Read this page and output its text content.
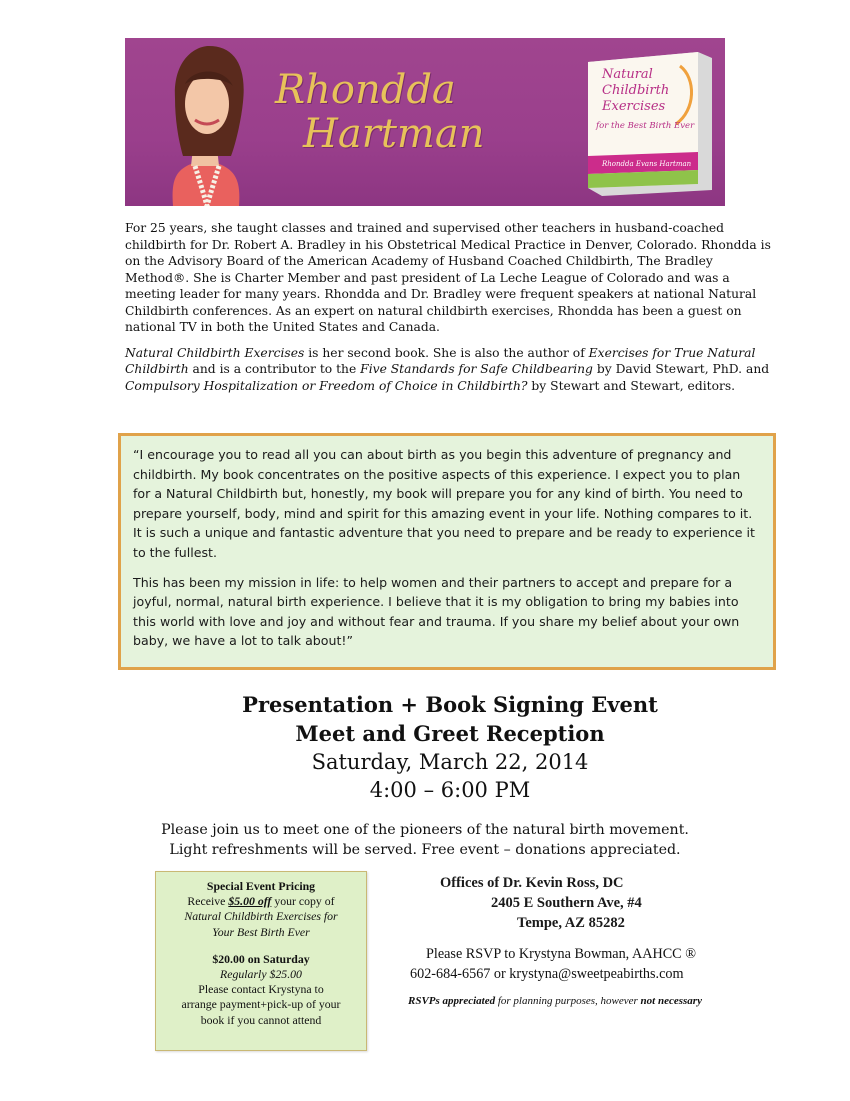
Rhondda
Hartman
Natural
Childbirth
Exercises
for the Best Birth Ever
Rhondda Evans Hartman

For 25 years, she taught classes and trained and supervised other teachers in husband-coached childbirth for Dr. Robert A. Bradley in his Obstetrical Medical Practice in Denver, Colorado. Rhondda is on the Advisory Board of the American Academy of Husband Coached Childbirth, The Bradley Method®. She is Charter Member and past president of La Leche League of Colorado and was a meeting leader for many years. Rhondda and Dr. Bradley were frequent speakers at national Natural Childbirth conferences. As an expert on natural childbirth exercises, Rhondda has been a guest on national TV in both the United States and Canada.

Natural Childbirth Exercises is her second book. She is also the author of Exercises for True Natural Childbirth and is a contributor to the Five Standards for Safe Childbearing by David Stewart, PhD. and Compulsory Hospitalization or Freedom of Choice in Childbirth? by Stewart and Stewart, editors.

“I encourage you to read all you can about birth as you begin this adventure of pregnancy and childbirth. My book concentrates on the positive aspects of this experience. I expect you to plan for a Natural Childbirth but, honestly, my book will prepare you for any kind of birth. You need to prepare yourself, body, mind and spirit for this amazing event in your life. Nothing compares to it. It is such a unique and fantastic adventure that you need to prepare and be ready to experience it to the fullest.

This has been my mission in life: to help women and their partners to accept and prepare for a joyful, normal, natural birth experience. I believe that it is my obligation to bring my babies into this world with love and joy and without fear and trauma. If you share my belief about your own baby, we have a lot to talk about!”

Presentation + Book Signing Event
Meet and Greet Reception
Saturday, March 22, 2014
4:00 – 6:00 PM
Please join us to meet one of the pioneers of the natural birth movement.
Light refreshments will be served. Free event – donations appreciated.
Special Event Pricing
Receive $5.00 off your copy of
Natural Childbirth Exercises for
Your Best Birth Ever
$20.00 on Saturday
Regularly $25.00
Please contact Krystyna to
arrange payment+pick-up of your
book if you cannot attend
Offices of Dr. Kevin Ross, DC
2405 E Southern Ave, #4
Tempe, AZ 85282
Please RSVP to Krystyna Bowman, AAHCC ®
602-684-6567 or krystyna@sweetpeabirths.com
RSVPs appreciated for planning purposes, however not necessary
